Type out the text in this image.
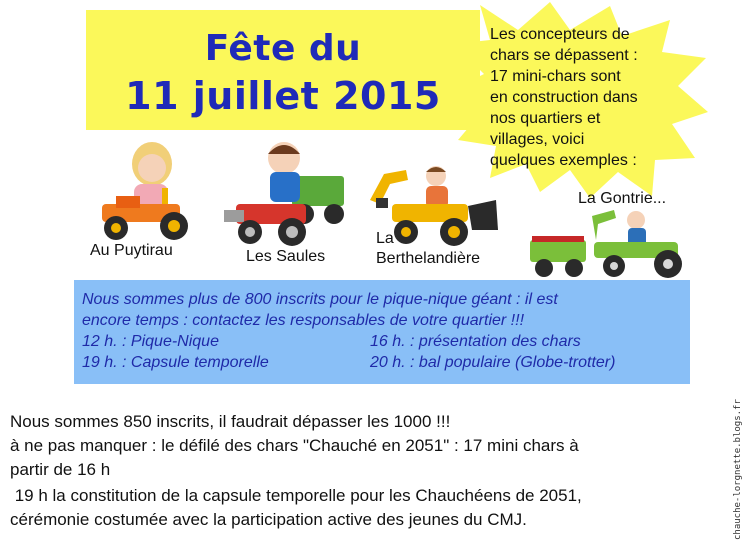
Fête du
11 juillet 2015
Les concepteurs de
chars se dépassent :
17 mini-chars sont
en construction dans
nos quartiers et
villages, voici
quelques exemples :
Au Puytirau	Les Saules
La
Berthelandière
La Gontrie...
Nous sommes plus de 800 inscrits pour le pique-nique géant : il est
encore temps : contactez les responsables de votre quartier !!!
12 h. : Pique-Nique	16 h. : présentation des chars
19 h. : Capsule temporelle	20 h. : bal populaire (Globe-trotter)
Nous sommes 850 inscrits, il faudrait dépasser les 1000 !!!
à ne pas manquer : le défilé des chars "Chauché en 2051" : 17 mini chars à
partir de 16 h
19 h la constitution de la capsule temporelle pour les Chauchéens de 2051,
cérémonie costumée avec la participation active des jeunes du CMJ.	chauche-lorgnette.blogs.fr
